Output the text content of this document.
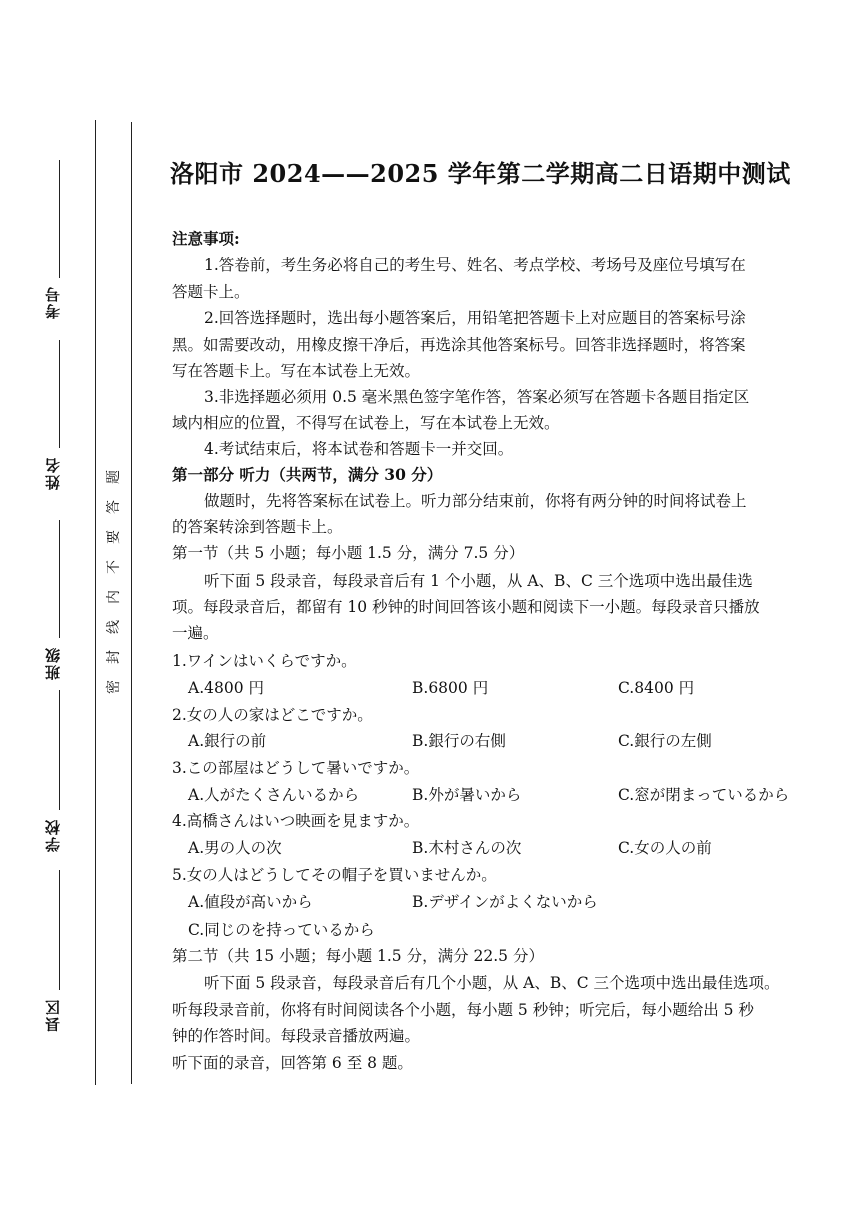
考号
姓名
班级
学校
县区
题
答
要
不
内
线
封
密
洛阳市 2024——2025 学年第二学期高二日语期中测试
注意事项:
1.答卷前，考生务必将自己的考生号、姓名、考点学校、考场号及座位号填写在
答题卡上。
2.回答选择题时，选出每小题答案后，用铅笔把答题卡上对应题目的答案标号涂
黑。如需要改动，用橡皮擦干净后，再选涂其他答案标号。回答非选择题时，将答案
写在答题卡上。写在本试卷上无效。
3.非选择题必须用 0.5 毫米黑色签字笔作答，答案必须写在答题卡各题目指定区
域内相应的位置，不得写在试卷上，写在本试卷上无效。
4.考试结束后，将本试卷和答题卡一并交回。
第一部分 听力（共两节，满分 30 分）
做题时，先将答案标在试卷上。听力部分结束前，你将有两分钟的时间将试卷上
的答案转涂到答题卡上。
第一节（共 5 小题；每小题 1.5 分，满分 7.5 分）
听下面 5 段录音，每段录音后有 1 个小题，从 A、B、C 三个选项中选出最佳选
项。每段录音后，都留有 10 秒钟的时间回答该小题和阅读下一小题。每段录音只播放
一遍。
1.ワインはいくらですか。
A.4800 円	B.6800 円	C.8400 円
2.女の人の家はどこですか。
A.銀行の前	B.銀行の右側	C.銀行の左側
3.この部屋はどうして暑いですか。
A.人がたくさんいるから	B.外が暑いから	C.窓が閉まっているから
4.高橋さんはいつ映画を見ますか。
A.男の人の次	B.木村さんの次	C.女の人の前
5.女の人はどうしてその帽子を買いませんか。
A.値段が高いから	B.デザインがよくないから
C.同じのを持っているから
第二节（共 15 小题；每小题 1.5 分，满分 22.5 分）
听下面 5 段录音，每段录音后有几个小题，从 A、B、C 三个选项中选出最佳选项。
听每段录音前，你将有时间阅读各个小题，每小题 5 秒钟；听完后，每小题给出 5 秒
钟的作答时间。每段录音播放两遍。
听下面的录音，回答第 6 至 8 题。
